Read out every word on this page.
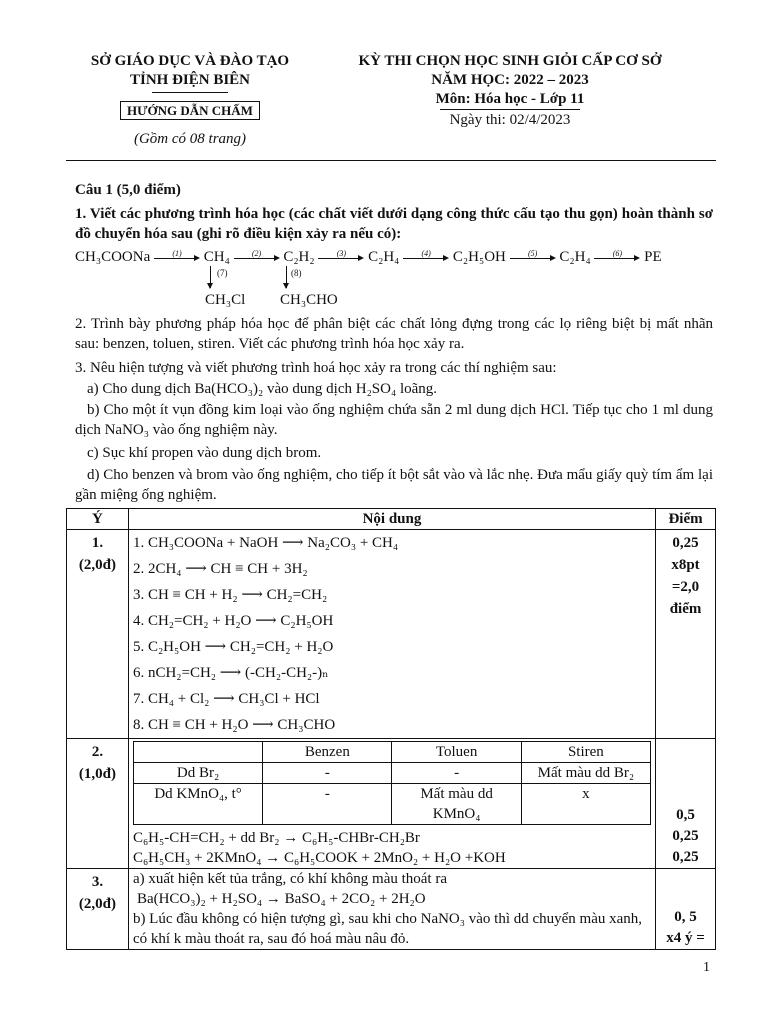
SỞ GIÁO DỤC VÀ ĐÀO TẠO
TỈNH ĐIỆN BIÊN
HƯỚNG DẪN CHẤM
(Gồm có 08 trang)
KỲ THI CHỌN HỌC SINH GIỎI CẤP CƠ SỞ
NĂM HỌC: 2022 – 2023
Môn: Hóa học - Lớp 11
Ngày thi: 02/4/2023
Câu 1 (5,0 điểm)
1. Viết các phương trình hóa học (các chất viết dưới dạng công thức cấu tạo thu gọn) hoàn thành sơ đồ chuyển hóa sau (ghi rõ điều kiện xảy ra nếu có):
CH₃COONa	(1)	CH₄	(2)	C₂H₂	(3)	C₂H₄	(4)	C₂H₅OH	(5)	C₂H₄	(6)	PE
(7)	(8)
CH₃Cl CH₃CHO
2. Trình bày phương pháp hóa học để phân biệt các chất lỏng đựng trong các lọ riêng biệt bị mất nhãn sau: benzen, toluen, stiren. Viết các phương trình hóa học xảy ra.
3. Nêu hiện tượng và viết phương trình hoá học xảy ra trong các thí nghiệm sau:
a) Cho dung dịch Ba(HCO₃)₂ vào dung dịch H₂SO₄ loãng.
b) Cho một ít vụn đồng kim loại vào ống nghiệm chứa sẵn 2 ml dung dịch HCl. Tiếp tục cho 1 ml dung dịch NaNO₃ vào ống nghiệm này.
c) Sục khí propen vào dung dịch brom.
d) Cho benzen và brom vào ống nghiệm, cho tiếp ít bột sắt vào và lắc nhẹ. Đưa mẩu giấy quỳ tím ẩm lại gần miệng ống nghiệm.
Ý	Nội dung	Điểm

1.
(2,0đ)

1. CH₃COONa + NaOH ⟶ Na₂CO₃ + CH₄
2. 2CH₄ ⟶ CH ≡ CH + 3H₂
3. CH ≡ CH + H₂ ⟶ CH₂=CH₂
4. CH₂=CH₂ + H₂O ⟶ C₂H₅OH
5. C₂H₅OH ⟶ CH₂=CH₂ + H₂O
6. nCH₂=CH₂ ⟶ (-CH₂-CH₂-)ₙ
7. CH₄ + Cl₂ ⟶ CH₃Cl + HCl
8. CH ≡ CH + H₂O ⟶ CH₃CHO

0,25
x8pt
=2,0
điểm

2.
(1,0đ)

	Benzen	Toluen	Stiren
Dd Br₂	-	-	Mất màu dd Br₂
Dd KMnO₄, t°	-	Mất màu dd KMnO₄	x
C₆H₅-CH=CH₂ + dd Br₂ → C₆H₅-CHBr-CH₂Br
C₆H₅CH₃ + 2KMnO₄ → C₆H₅COOK + 2MnO₂ + H₂O +KOH

0,5
0,25
0,25

3.
(2,0đ)

a) xuất hiện kết tủa trắng, có khí không màu thoát ra
Ba(HCO₃)₂ + H₂SO₄ → BaSO₄ + 2CO₂ + 2H₂O
b) Lúc đầu không có hiện tượng gì, sau khi cho NaNO₃ vào thì dd chuyển màu xanh, có khí k màu thoát ra, sau đó hoá màu nâu đỏ.

0, 5
x4 ý =
1
